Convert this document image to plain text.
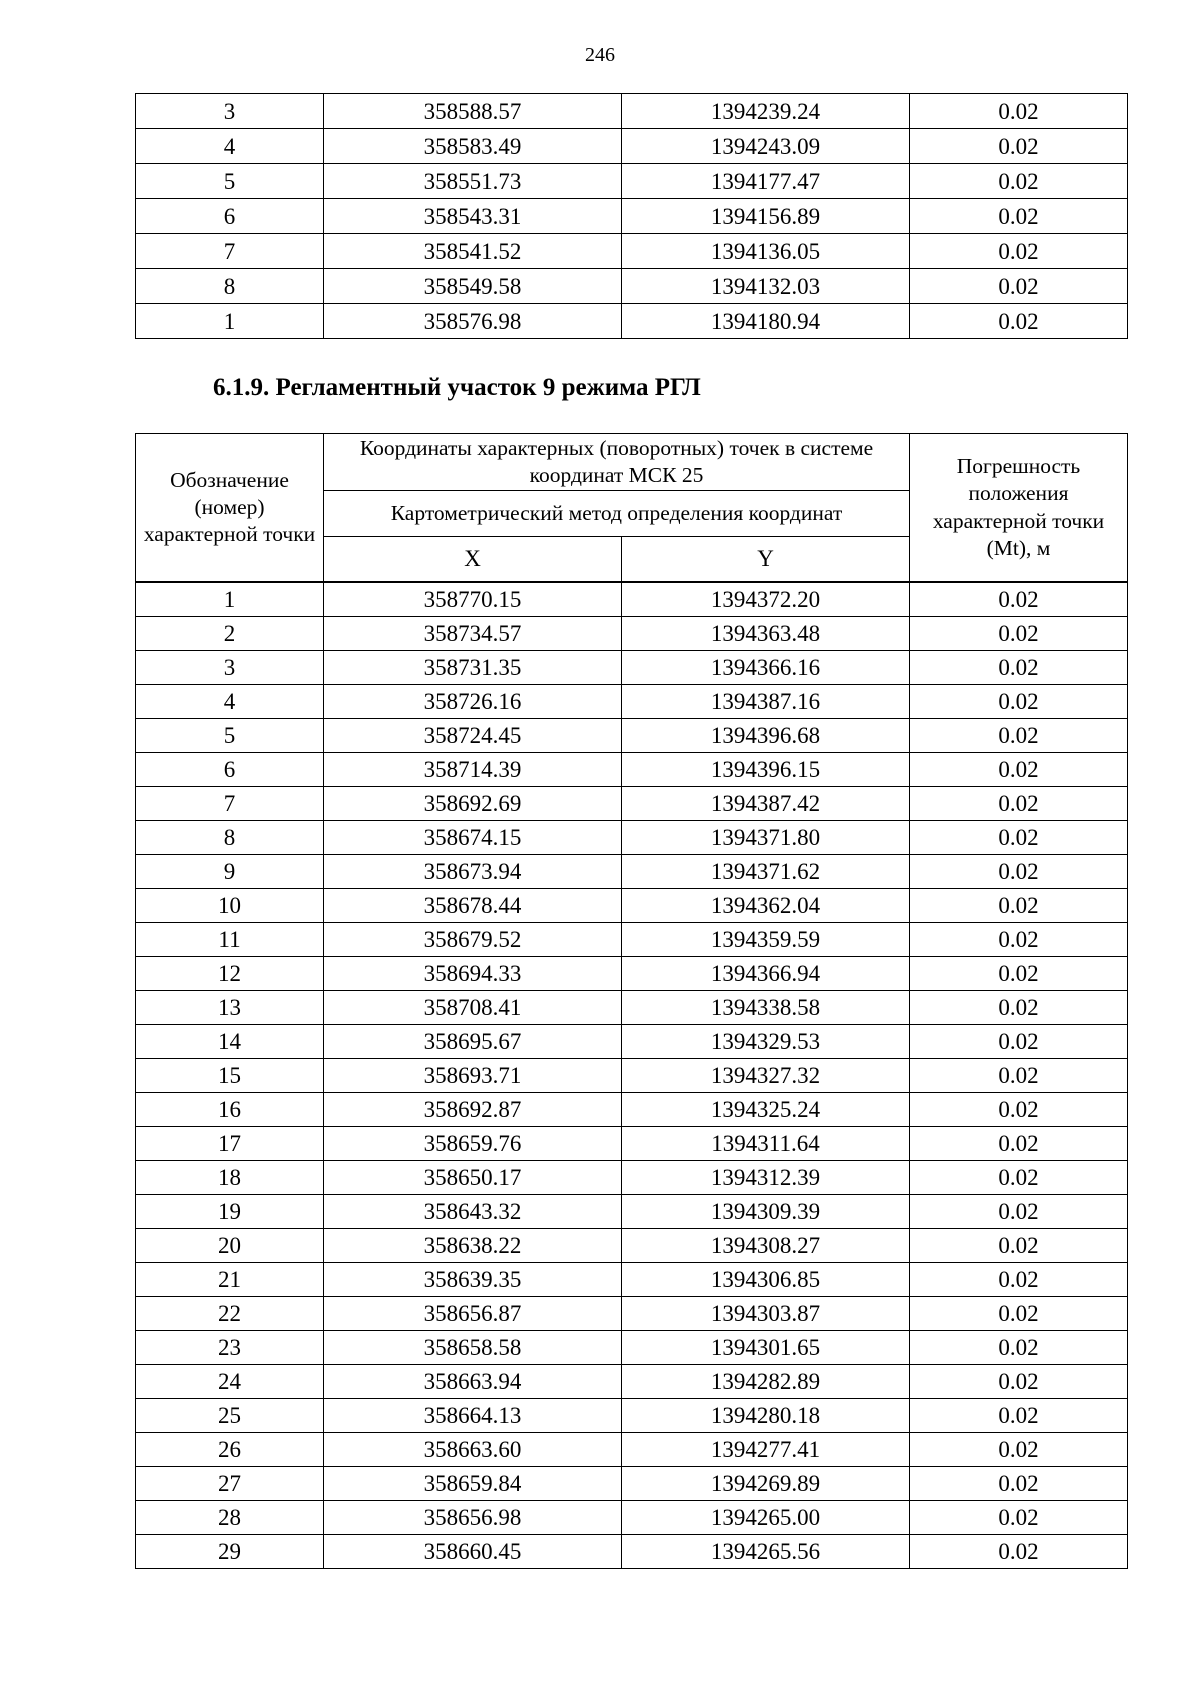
246
3	358588.57	1394239.24	0.02
4	358583.49	1394243.09	0.02
5	358551.73	1394177.47	0.02
6	358543.31	1394156.89	0.02
7	358541.52	1394136.05	0.02
8	358549.58	1394132.03	0.02
1	358576.98	1394180.94	0.02
6.1.9. Регламентный участок 9 режима РГЛ
Обозначение (номер) характерной точки	Координаты характерных (поворотных) точек в системе координат МСК 25		Погрешность положения характерной точки (Mt), м
	Картометрический метод определения координат		
	X	Y	
1	358770.15	1394372.20	0.02
2	358734.57	1394363.48	0.02
3	358731.35	1394366.16	0.02
4	358726.16	1394387.16	0.02
5	358724.45	1394396.68	0.02
6	358714.39	1394396.15	0.02
7	358692.69	1394387.42	0.02
8	358674.15	1394371.80	0.02
9	358673.94	1394371.62	0.02
10	358678.44	1394362.04	0.02
11	358679.52	1394359.59	0.02
12	358694.33	1394366.94	0.02
13	358708.41	1394338.58	0.02
14	358695.67	1394329.53	0.02
15	358693.71	1394327.32	0.02
16	358692.87	1394325.24	0.02
17	358659.76	1394311.64	0.02
18	358650.17	1394312.39	0.02
19	358643.32	1394309.39	0.02
20	358638.22	1394308.27	0.02
21	358639.35	1394306.85	0.02
22	358656.87	1394303.87	0.02
23	358658.58	1394301.65	0.02
24	358663.94	1394282.89	0.02
25	358664.13	1394280.18	0.02
26	358663.60	1394277.41	0.02
27	358659.84	1394269.89	0.02
28	358656.98	1394265.00	0.02
29	358660.45	1394265.56	0.02
